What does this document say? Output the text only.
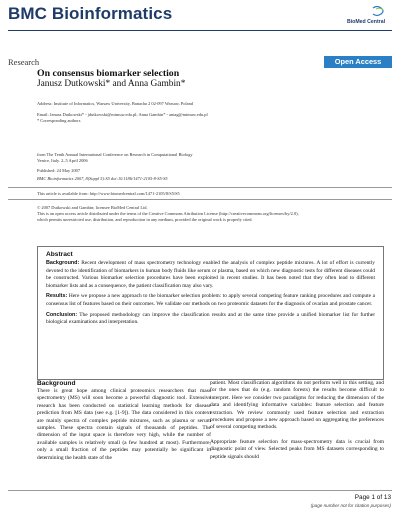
BMC Bioinformatics	BioMed Central
Research	Open Access
On consensus biomarker selection
Janusz Dutkowski* and Anna Gambin*
Address: Institute of Informatics, Warsaw University, Banacha 2 02-097 Warsaw, Poland
Email: Janusz Dutkowski* - jdutkowski@mimuw.edu.pl; Anna Gambin* - aniag@mimuw.edu.pl
* Corresponding authors
from The Tenth Annual International Conference on Research in Computational Biology
Venice, Italy. 2–5 April 2006
Published: 24 May 2007
BMC Bioinformatics 2007, 8(Suppl 5):S5 doi:10.1186/1471-2105-8-S5-S5
This article is available from: http://www.biomedcentral.com/1471-2105/8/S5/S5
© 2007 Dutkowski and Gambin; licensee BioMed Central Ltd.
This is an open access article distributed under the terms of the Creative Commons Attribution License (http://creativecommons.org/licenses/by/2.0),
which permits unrestricted use, distribution, and reproduction in any medium, provided the original work is properly cited.
Abstract

Background: Recent development of mass spectrometry technology enabled the analysis of complex peptide mixtures. A lot of effort is currently devoted to the identification of biomarkers in human body fluids like serum or plasma, based on which new diagnostic tests for different diseases could be constructed. Various biomarker selection procedures have been exploited in recent studies. It has been noted that they often lead to different biomarker lists and as a consequence, the patient classification may also vary.

Results: Here we propose a new approach to the biomarker selection problem: to apply several competing feature ranking procedures and compute a consensus list of features based on their outcomes. We validate our methods on two proteomic datasets for the diagnosis of ovarian and prostate cancer.

Conclusion: The proposed methodology can improve the classification results and at the same time provide a unified biomarker list for further biological examinations and interpretation.

Background

There is great hope among clinical proteomics researchers that mass spectrometry (MS) will soon become a powerful diagnostic tool. Extensive research has been conducted on statistical learning methods for disease prediction from MS data (see e.g. [1-9]). The data considered in this context are mainly spectra of complex peptide mixtures, such as plasma or serum samples. These spectra contain signals of thousands of peptides. The dimension of the input space is therefore very high, while the number of available samples is relatively small (a few hundred at most). Furthermore, only a small fraction of the peptides may potentially be significant in determining the health state of the

patient. Most classification algorithms do not perform well in this setting, and for the ones that do (e.g. random forests) the results become difficult to interpret. Here we consider two paradigms for reducing the dimension of the data and identifying informative variables: feature selection and feature extraction. We review commonly used feature selection and extraction procedures and propose a new approach based on aggregating the preferences of several competing methods.

Appropriate feature selection for mass-spectrometry data is crucial from diagnostic point of view. Selected peaks from MS datasets corresponding to peptide signals should

Page 1 of 13
(page number not for citation purposes)
